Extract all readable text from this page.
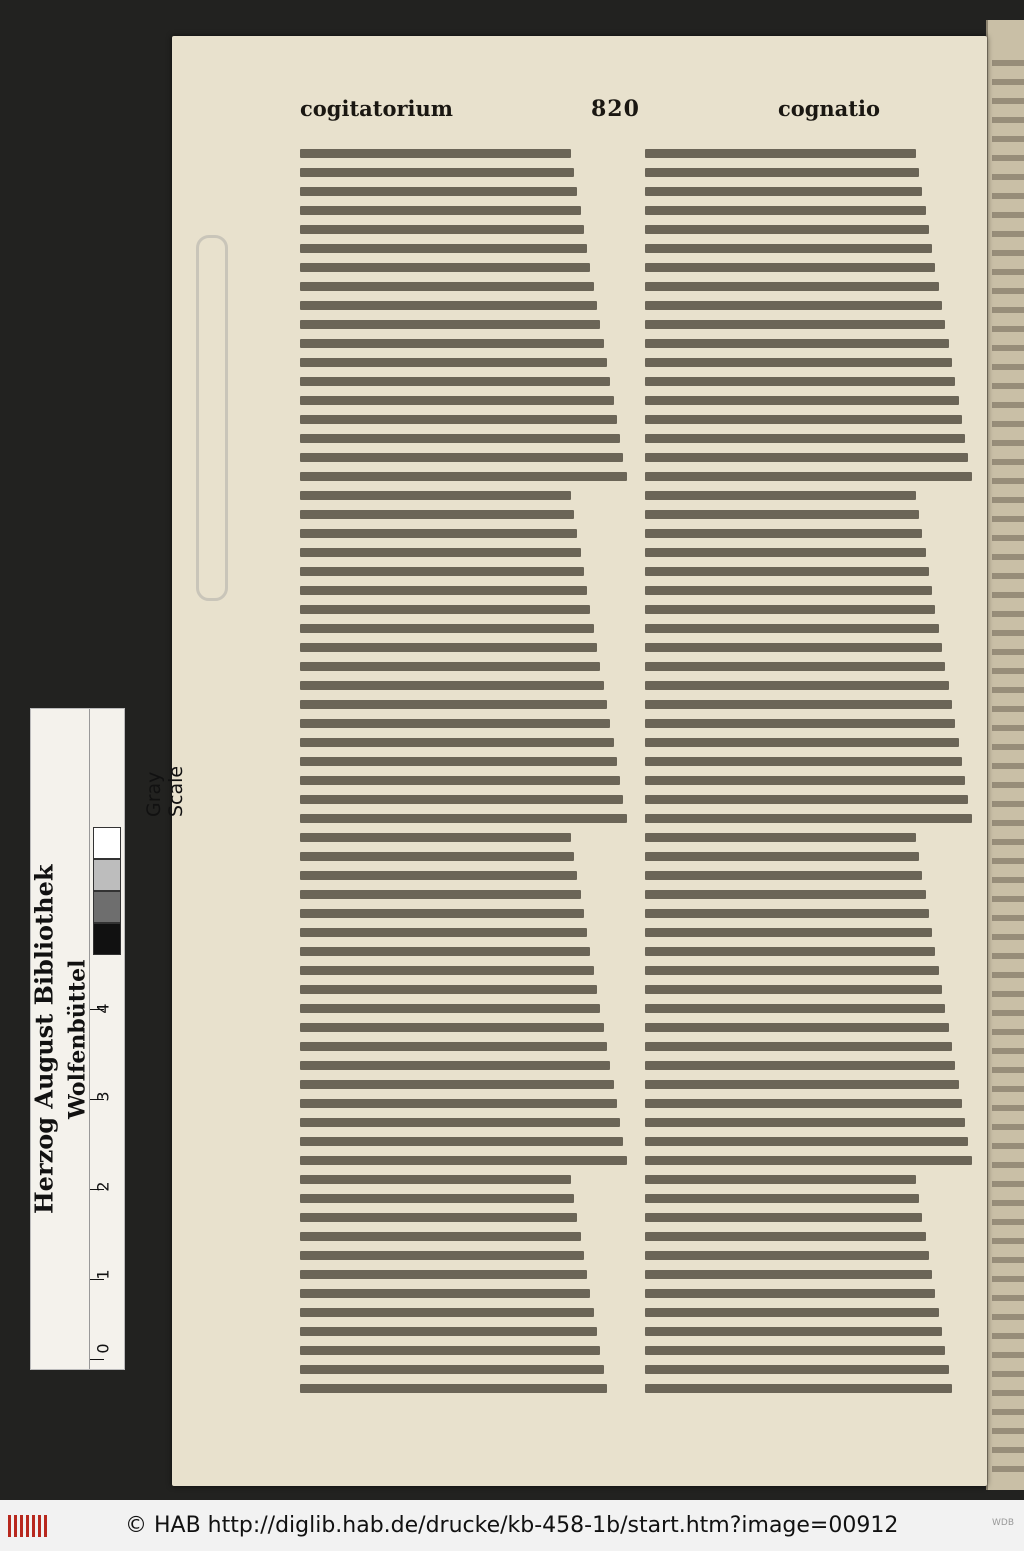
cogitatorium	820	cognatio
Herzog August Bibliothek Wolfenbüttel
Gray Scale
4
3
2
1
0
© HAB http://diglib.hab.de/drucke/kb-458-1b/start.htm?image=00912	WDB
